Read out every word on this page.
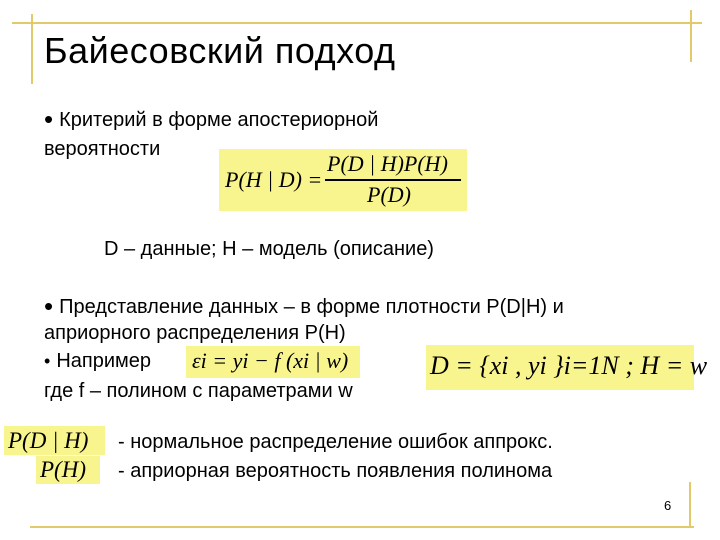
Байесовский подход
• Критерий в форме апостериорной
вероятности
P(H | D) =
P(D | H)P(H)
P(D)
D – данные; H – модель (описание)
• Представление данных – в форме плотности P(D|H) и
априорного распределения P(H)
• Например εi = yi − f (xi | w)	D = {xi , yi }i=1N ; H = w
где f – полином с параметрами w
P(D | H)
P(H)
- нормальное распределение ошибок аппрокс.
- априорная вероятность появления полинома
6
